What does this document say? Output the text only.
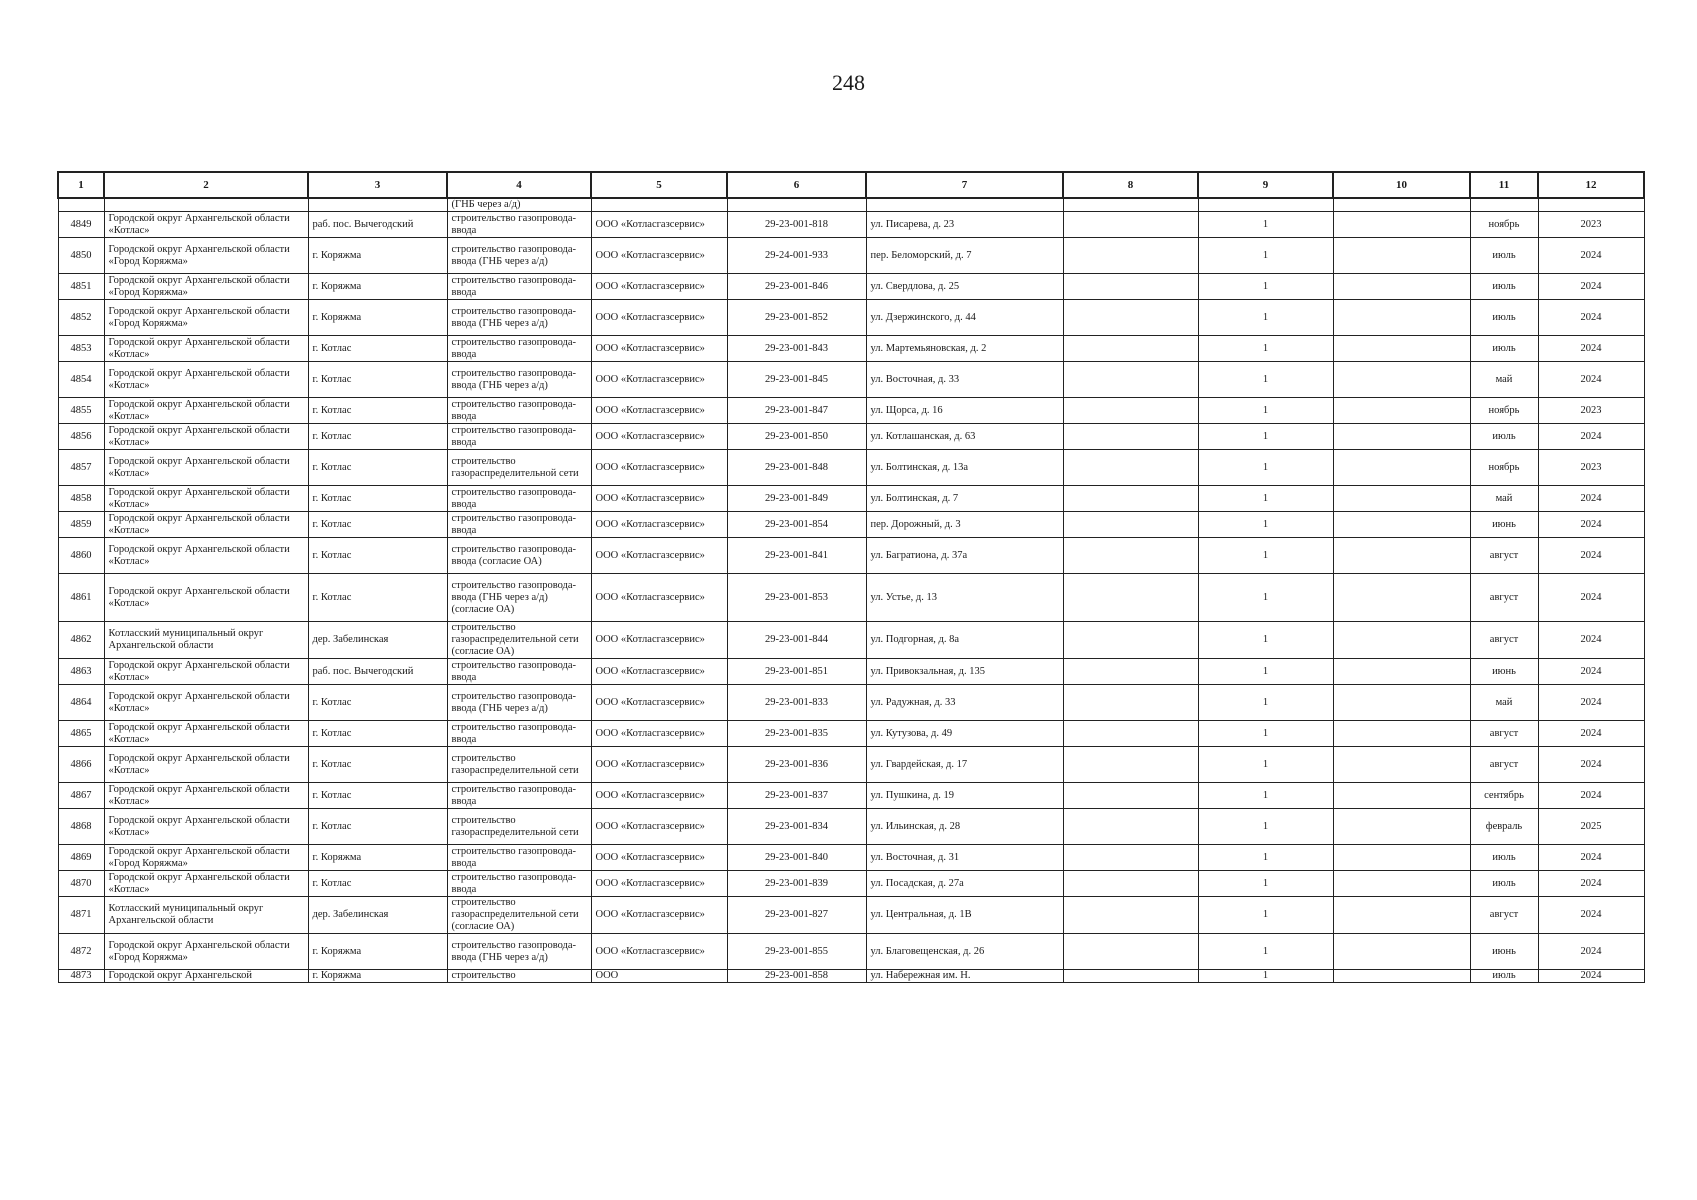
248
1	2	3	4	5	6	7	8	9	10	11	12
			(ГНБ через а/д)								
4849	Городской округ Архангельской области «Котлас»	раб. пос. Вычегодский	строительство газопровода-ввода	ООО «Котласгазсервис»	29-23-001-818	ул. Писарева, д. 23		1		ноябрь	2023
4850	Городской округ Архангельской области «Город Коряжма»	г. Коряжма	строительство газопровода-ввода (ГНБ через а/д)	ООО «Котласгазсервис»	29-24-001-933	пер. Беломорский, д. 7		1		июль	2024
4851	Городской округ Архангельской области «Город Коряжма»	г. Коряжма	строительство газопровода-ввода	ООО «Котласгазсервис»	29-23-001-846	ул. Свердлова, д. 25		1		июль	2024
4852	Городской округ Архангельской области «Город Коряжма»	г. Коряжма	строительство газопровода-ввода (ГНБ через а/д)	ООО «Котласгазсервис»	29-23-001-852	ул. Дзержинского, д. 44		1		июль	2024
4853	Городской округ Архангельской области «Котлас»	г. Котлас	строительство газопровода-ввода	ООО «Котласгазсервис»	29-23-001-843	ул. Мартемьяновская, д. 2		1		июль	2024
4854	Городской округ Архангельской области «Котлас»	г. Котлас	строительство газопровода-ввода (ГНБ через а/д)	ООО «Котласгазсервис»	29-23-001-845	ул. Восточная, д. 33		1		май	2024
4855	Городской округ Архангельской области «Котлас»	г. Котлас	строительство газопровода-ввода	ООО «Котласгазсервис»	29-23-001-847	ул. Щорса, д. 16		1		ноябрь	2023
4856	Городской округ Архангельской области «Котлас»	г. Котлас	строительство газопровода-ввода	ООО «Котласгазсервис»	29-23-001-850	ул. Котлашанская, д. 63		1		июль	2024
4857	Городской округ Архангельской области «Котлас»	г. Котлас	строительство газораспределительной сети	ООО «Котласгазсервис»	29-23-001-848	ул. Болтинская, д. 13а		1		ноябрь	2023
4858	Городской округ Архангельской области «Котлас»	г. Котлас	строительство газопровода-ввода	ООО «Котласгазсервис»	29-23-001-849	ул. Болтинская, д. 7		1		май	2024
4859	Городской округ Архангельской области «Котлас»	г. Котлас	строительство газопровода-ввода	ООО «Котласгазсервис»	29-23-001-854	пер. Дорожный, д. 3		1		июнь	2024
4860	Городской округ Архангельской области «Котлас»	г. Котлас	строительство газопровода-ввода (согласие ОА)	ООО «Котласгазсервис»	29-23-001-841	ул. Багратиона, д. 37а		1		август	2024
4861	Городской округ Архангельской области «Котлас»	г. Котлас	строительство газопровода-ввода (ГНБ через а/д) (согласие ОА)	ООО «Котласгазсервис»	29-23-001-853	ул. Устье, д. 13		1		август	2024
4862	Котласский муниципальный округ Архангельской области	дер. Забелинская	строительство газораспределительной сети (согласие ОА)	ООО «Котласгазсервис»	29-23-001-844	ул. Подгорная, д. 8а		1		август	2024
4863	Городской округ Архангельской области «Котлас»	раб. пос. Вычегодский	строительство газопровода-ввода	ООО «Котласгазсервис»	29-23-001-851	ул. Привокзальная, д. 135		1		июнь	2024
4864	Городской округ Архангельской области «Котлас»	г. Котлас	строительство газопровода-ввода (ГНБ через а/д)	ООО «Котласгазсервис»	29-23-001-833	ул. Радужная, д. 33		1		май	2024
4865	Городской округ Архангельской области «Котлас»	г. Котлас	строительство газопровода-ввода	ООО «Котласгазсервис»	29-23-001-835	ул. Кутузова, д. 49		1		август	2024
4866	Городской округ Архангельской области «Котлас»	г. Котлас	строительство газораспределительной сети	ООО «Котласгазсервис»	29-23-001-836	ул. Гвардейская, д. 17		1		август	2024
4867	Городской округ Архангельской области «Котлас»	г. Котлас	строительство газопровода-ввода	ООО «Котласгазсервис»	29-23-001-837	ул. Пушкина, д. 19		1		сентябрь	2024
4868	Городской округ Архангельской области «Котлас»	г. Котлас	строительство газораспределительной сети	ООО «Котласгазсервис»	29-23-001-834	ул. Ильинская, д. 28		1		февраль	2025
4869	Городской округ Архангельской области «Город Коряжма»	г. Коряжма	строительство газопровода-ввода	ООО «Котласгазсервис»	29-23-001-840	ул. Восточная, д. 31		1		июль	2024
4870	Городской округ Архангельской области «Котлас»	г. Котлас	строительство газопровода-ввода	ООО «Котласгазсервис»	29-23-001-839	ул. Посадская, д. 27а		1		июль	2024
4871	Котласский муниципальный округ Архангельской области	дер. Забелинская	строительство газораспределительной сети (согласие ОА)	ООО «Котласгазсервис»	29-23-001-827	ул. Центральная, д. 1В		1		август	2024
4872	Городской округ Архангельской области «Город Коряжма»	г. Коряжма	строительство газопровода-ввода (ГНБ через а/д)	ООО «Котласгазсервис»	29-23-001-855	ул. Благовещенская, д. 26		1		июнь	2024
4873	Городской округ Архангельской	г. Коряжма	строительство	ООО	29-23-001-858	ул. Набережная им. Н.		1		июль	2024
